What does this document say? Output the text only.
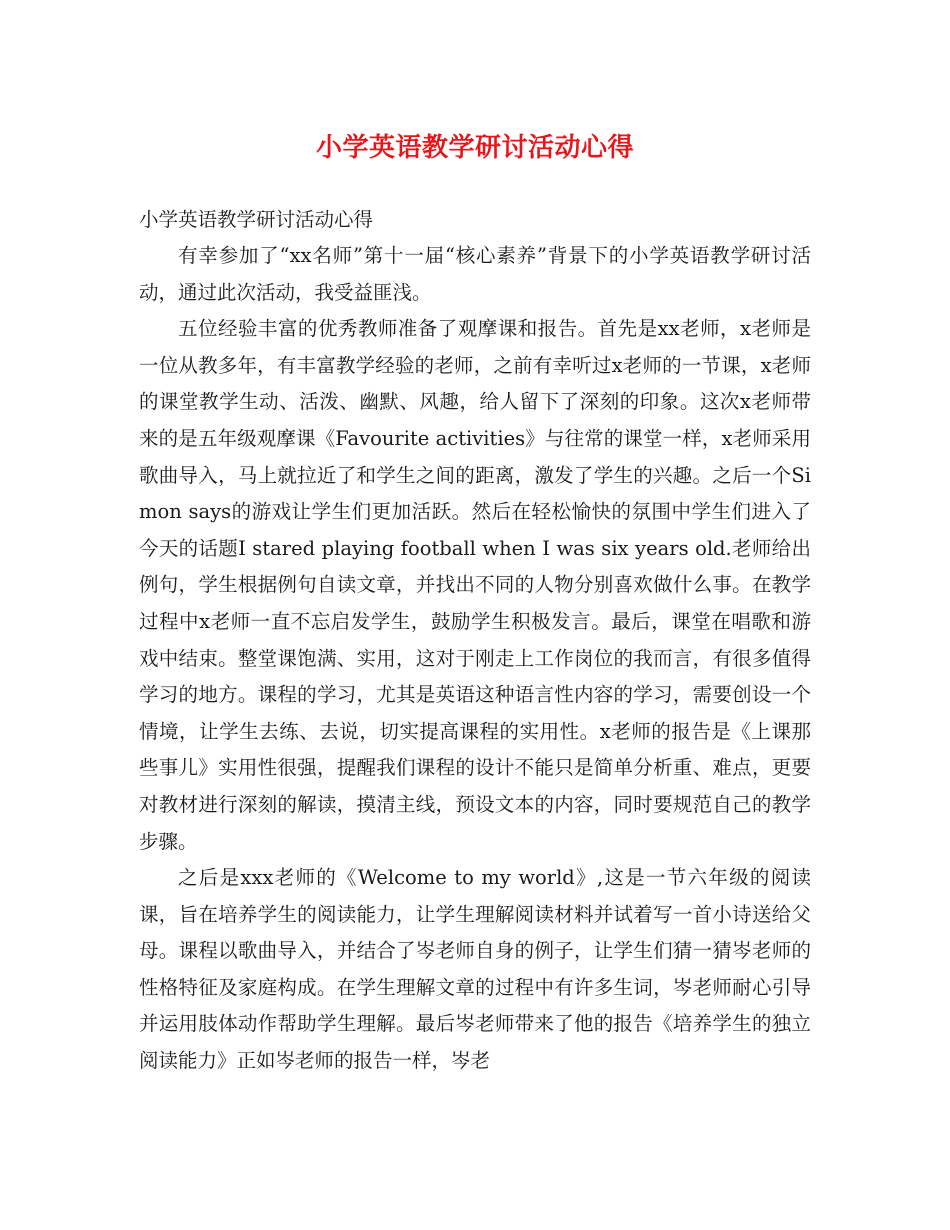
小学英语教学研讨活动心得

小学英语教学研讨活动心得

有幸参加了“xx名师”第十一届“核心素养”背景下的小学英语教学研讨活动，通过此次活动，我受益匪浅。

五位经验丰富的优秀教师准备了观摩课和报告。首先是xx老师，x老师是一位从教多年，有丰富教学经验的老师，之前有幸听过x老师的一节课，x老师的课堂教学生动、活泼、幽默、风趣，给人留下了深刻的印象。这次x老师带来的是五年级观摩课《Favourite activities》与往常的课堂一样，x老师采用歌曲导入，马上就拉近了和学生之间的距离，激发了学生的兴趣。之后一个Simon says的游戏让学生们更加活跃。然后在轻松愉快的氛围中学生们进入了今天的话题I stared playing football when I was six years old.老师给出例句，学生根据例句自读文章，并找出不同的人物分别喜欢做什么事。在教学过程中x老师一直不忘启发学生，鼓励学生积极发言。最后，课堂在唱歌和游戏中结束。整堂课饱满、实用，这对于刚走上工作岗位的我而言，有很多值得学习的地方。课程的学习，尤其是英语这种语言性内容的学习，需要创设一个情境，让学生去练、去说，切实提高课程的实用性。x老师的报告是《上课那些事儿》实用性很强，提醒我们课程的设计不能只是简单分析重、难点，更要对教材进行深刻的解读，摸清主线，预设文本的内容，同时要规范自己的教学步骤。

之后是xxx老师的《Welcome to my world》,这是一节六年级的阅读课，旨在培养学生的阅读能力，让学生理解阅读材料并试着写一首小诗送给父母。课程以歌曲导入，并结合了岑老师自身的例子，让学生们猜一猜岑老师的性格特征及家庭构成。在学生理解文章的过程中有许多生词，岑老师耐心引导并运用肢体动作帮助学生理解。最后岑老师带来了他的报告《培养学生的独立阅读能力》正如岑老师的报告一样，岑老
